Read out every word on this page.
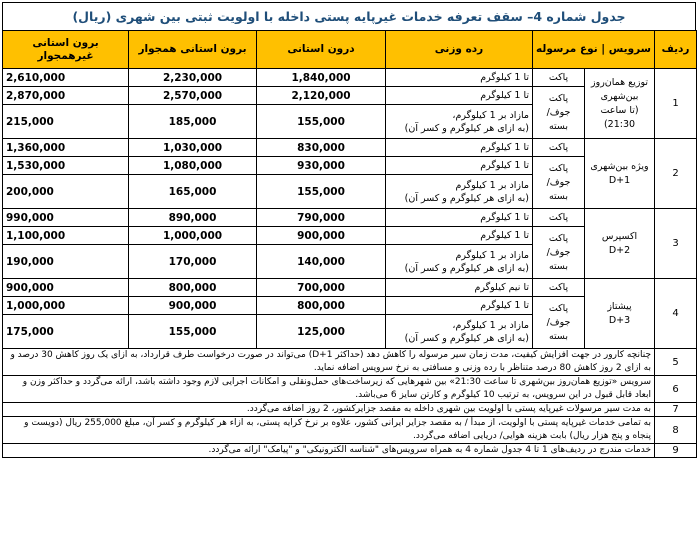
جدول شماره 4– سقف تعرفه خدمات غیرپایه پستی داخله با اولویت ثبتی بین شهری (ریال)
ردیف	سرویس | نوع مرسوله		رده وزنی	درون استانی	برون استانی همجوار	برون استانی
غیرهمجوار

1	توزیع همان‌روز
بین‌شهری
(تا ساعت 21:30)	پاکت	تا 1 کیلوگرم	1,840,000	2,230,000	2,610,000

		پاکت جوف/
بسته	تا 1 کیلوگرم	2,120,000	2,570,000	2,870,000

			مازاد بر 1 کیلوگرم،
(به ازای هر کیلوگرم و کسر آن)	155,000	185,000	215,000
2	ویژه بین‌شهری
D+1	پاکت	تا 1 کیلوگرم	830,000	1,030,000	1,360,000

		پاکت جوف/
بسته	تا 1 کیلوگرم	930,000	1,080,000	1,530,000

			مازاد بر 1 کیلوگرم
(به ازای هر کیلوگرم و کسر آن)	155,000	165,000	200,000
3	اکسپرس
D+2	پاکت	تا 1 کیلوگرم	790,000	890,000	990,000

		پاکت جوف/ بسته	تا 1 کیلوگرم	900,000	1,000,000	1,100,000

			مازاد بر 1 کیلوگرم
(به ازای هر کیلوگرم و کسر آن)	140,000	170,000	190,000
4	پیشتاز
D+3	پاکت	تا نیم کیلوگرم	700,000	800,000	900,000

		پاکت جوف/
بسته	تا 1 کیلوگرم	800,000	900,000	1,000,000

			مازاد بر 1 کیلوگرم،
(به ازای هر کیلوگرم و کسر آن)	125,000	155,000	175,000
5	چنانچه کارور در جهت افزایش کیفیت، مدت زمان سیر مرسوله را کاهش دهد (حداکثر D+1) می‌تواند در صورت درخواست طرف قرارداد، به ازای یک روز کاهش 30 درصد و به ازای 2 روز کاهش 80 درصد متناظر با رده وزنی و مسافتی به نرخ سرویس اضافه نماید.					
6	سرویس «توزیع همان‌روز بین‌شهری تا ساعت 21:30» بین شهرهایی که زیرساخت‌های حمل‌ونقلی و امکانات اجرایی لازم وجود داشته باشد، ارائه می‌گردد و حداکثر وزن و ابعاد قابل قبول در این سرویس، به ترتیب 10 کیلوگرم و کارتن سایز 6 می‌باشد.					
7	به مدت سیر مرسولات غیرپایه پستی با اولویت بین شهری داخله به مقصد جزایرکشور، 2 روز اضافه می‌گردد.					
8	به تمامی خدمات غیرپایه پستی با اولویت، از مبدأ / به مقصد جزایر ایرانی کشور، علاوه بر نرخ کرایه پستی، به ازاء هر کیلوگرم و کسر آن، مبلغ 255,000 ریال (دویست و پنجاه و پنج هزار ریال) بابت هزینه هوایی/ دریایی اضافه می‌گردد.					
9	خدمات مندرج در ردیف‌های 1 تا 4 جدول شماره 4 به همراه سرویس‌های "شناسه الکترونیکی" و "پیامک" ارائه می‌گردد.					
